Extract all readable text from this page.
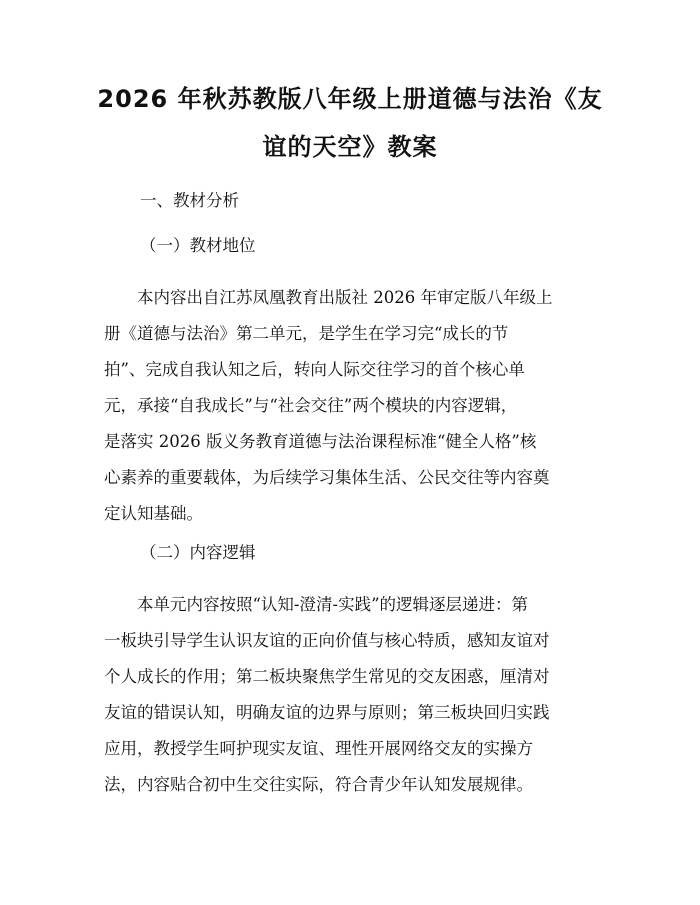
2026 年秋苏教版八年级上册道德与法治《友
谊的天空》教案
一、教材分析
（一）教材地位
　　本内容出自江苏凤凰教育出版社 2026 年审定版八年级上
册《道德与法治》第二单元，是学生在学习完“成长的节
拍”、完成自我认知之后，转向人际交往学习的首个核心单
元，承接“自我成长”与“社会交往”两个模块的内容逻辑，
是落实 2026 版义务教育道德与法治课程标准“健全人格”核
心素养的重要载体，为后续学习集体生活、公民交往等内容奠
定认知基础。
（二）内容逻辑
　　本单元内容按照“认知-澄清-实践”的逻辑逐层递进：第
一板块引导学生认识友谊的正向价值与核心特质，感知友谊对
个人成长的作用；第二板块聚焦学生常见的交友困惑，厘清对
友谊的错误认知，明确友谊的边界与原则；第三板块回归实践
应用，教授学生呵护现实友谊、理性开展网络交友的实操方
法，内容贴合初中生交往实际，符合青少年认知发展规律。
